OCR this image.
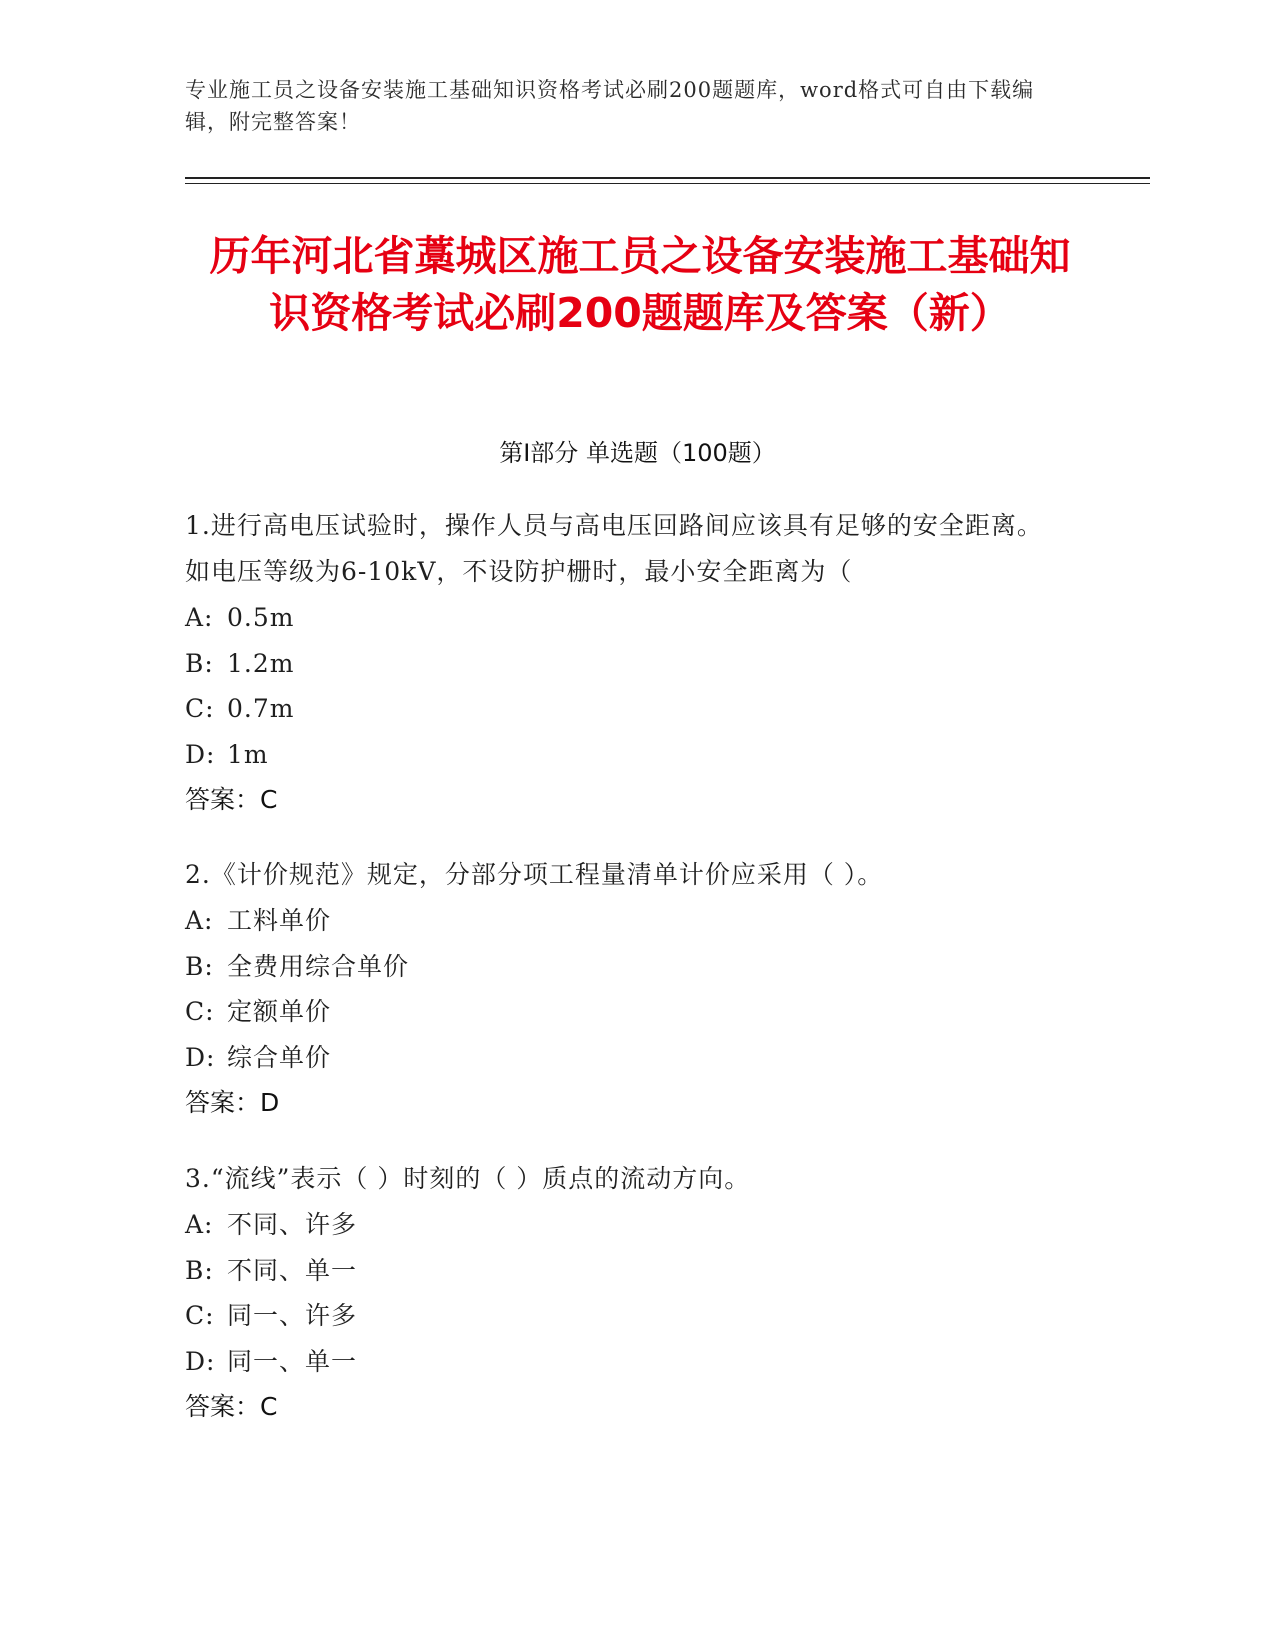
专业施工员之设备安装施工基础知识资格考试必刷200题题库，word格式可自由下载编辑，附完整答案！
历年河北省藁城区施工员之设备安装施工基础知识资格考试必刷200题题库及答案（新）
第I部分 单选题（100题）
1.进行高电压试验时，操作人员与高电压回路间应该具有足够的安全距离。如电压等级为6-10kV，不设防护栅时，最小安全距离为（
A: 0.5m
B: 1.2m
C: 0.7m
D: 1m
答案：C
2.《计价规范》规定，分部分项工程量清单计价应采用（ ）。
A: 工料单价
B: 全费用综合单价
C: 定额单价
D: 综合单价
答案：D
3.“流线”表示（ ）时刻的（ ）质点的流动方向。
A: 不同、许多
B: 不同、单一
C: 同一、许多
D: 同一、单一
答案：C
